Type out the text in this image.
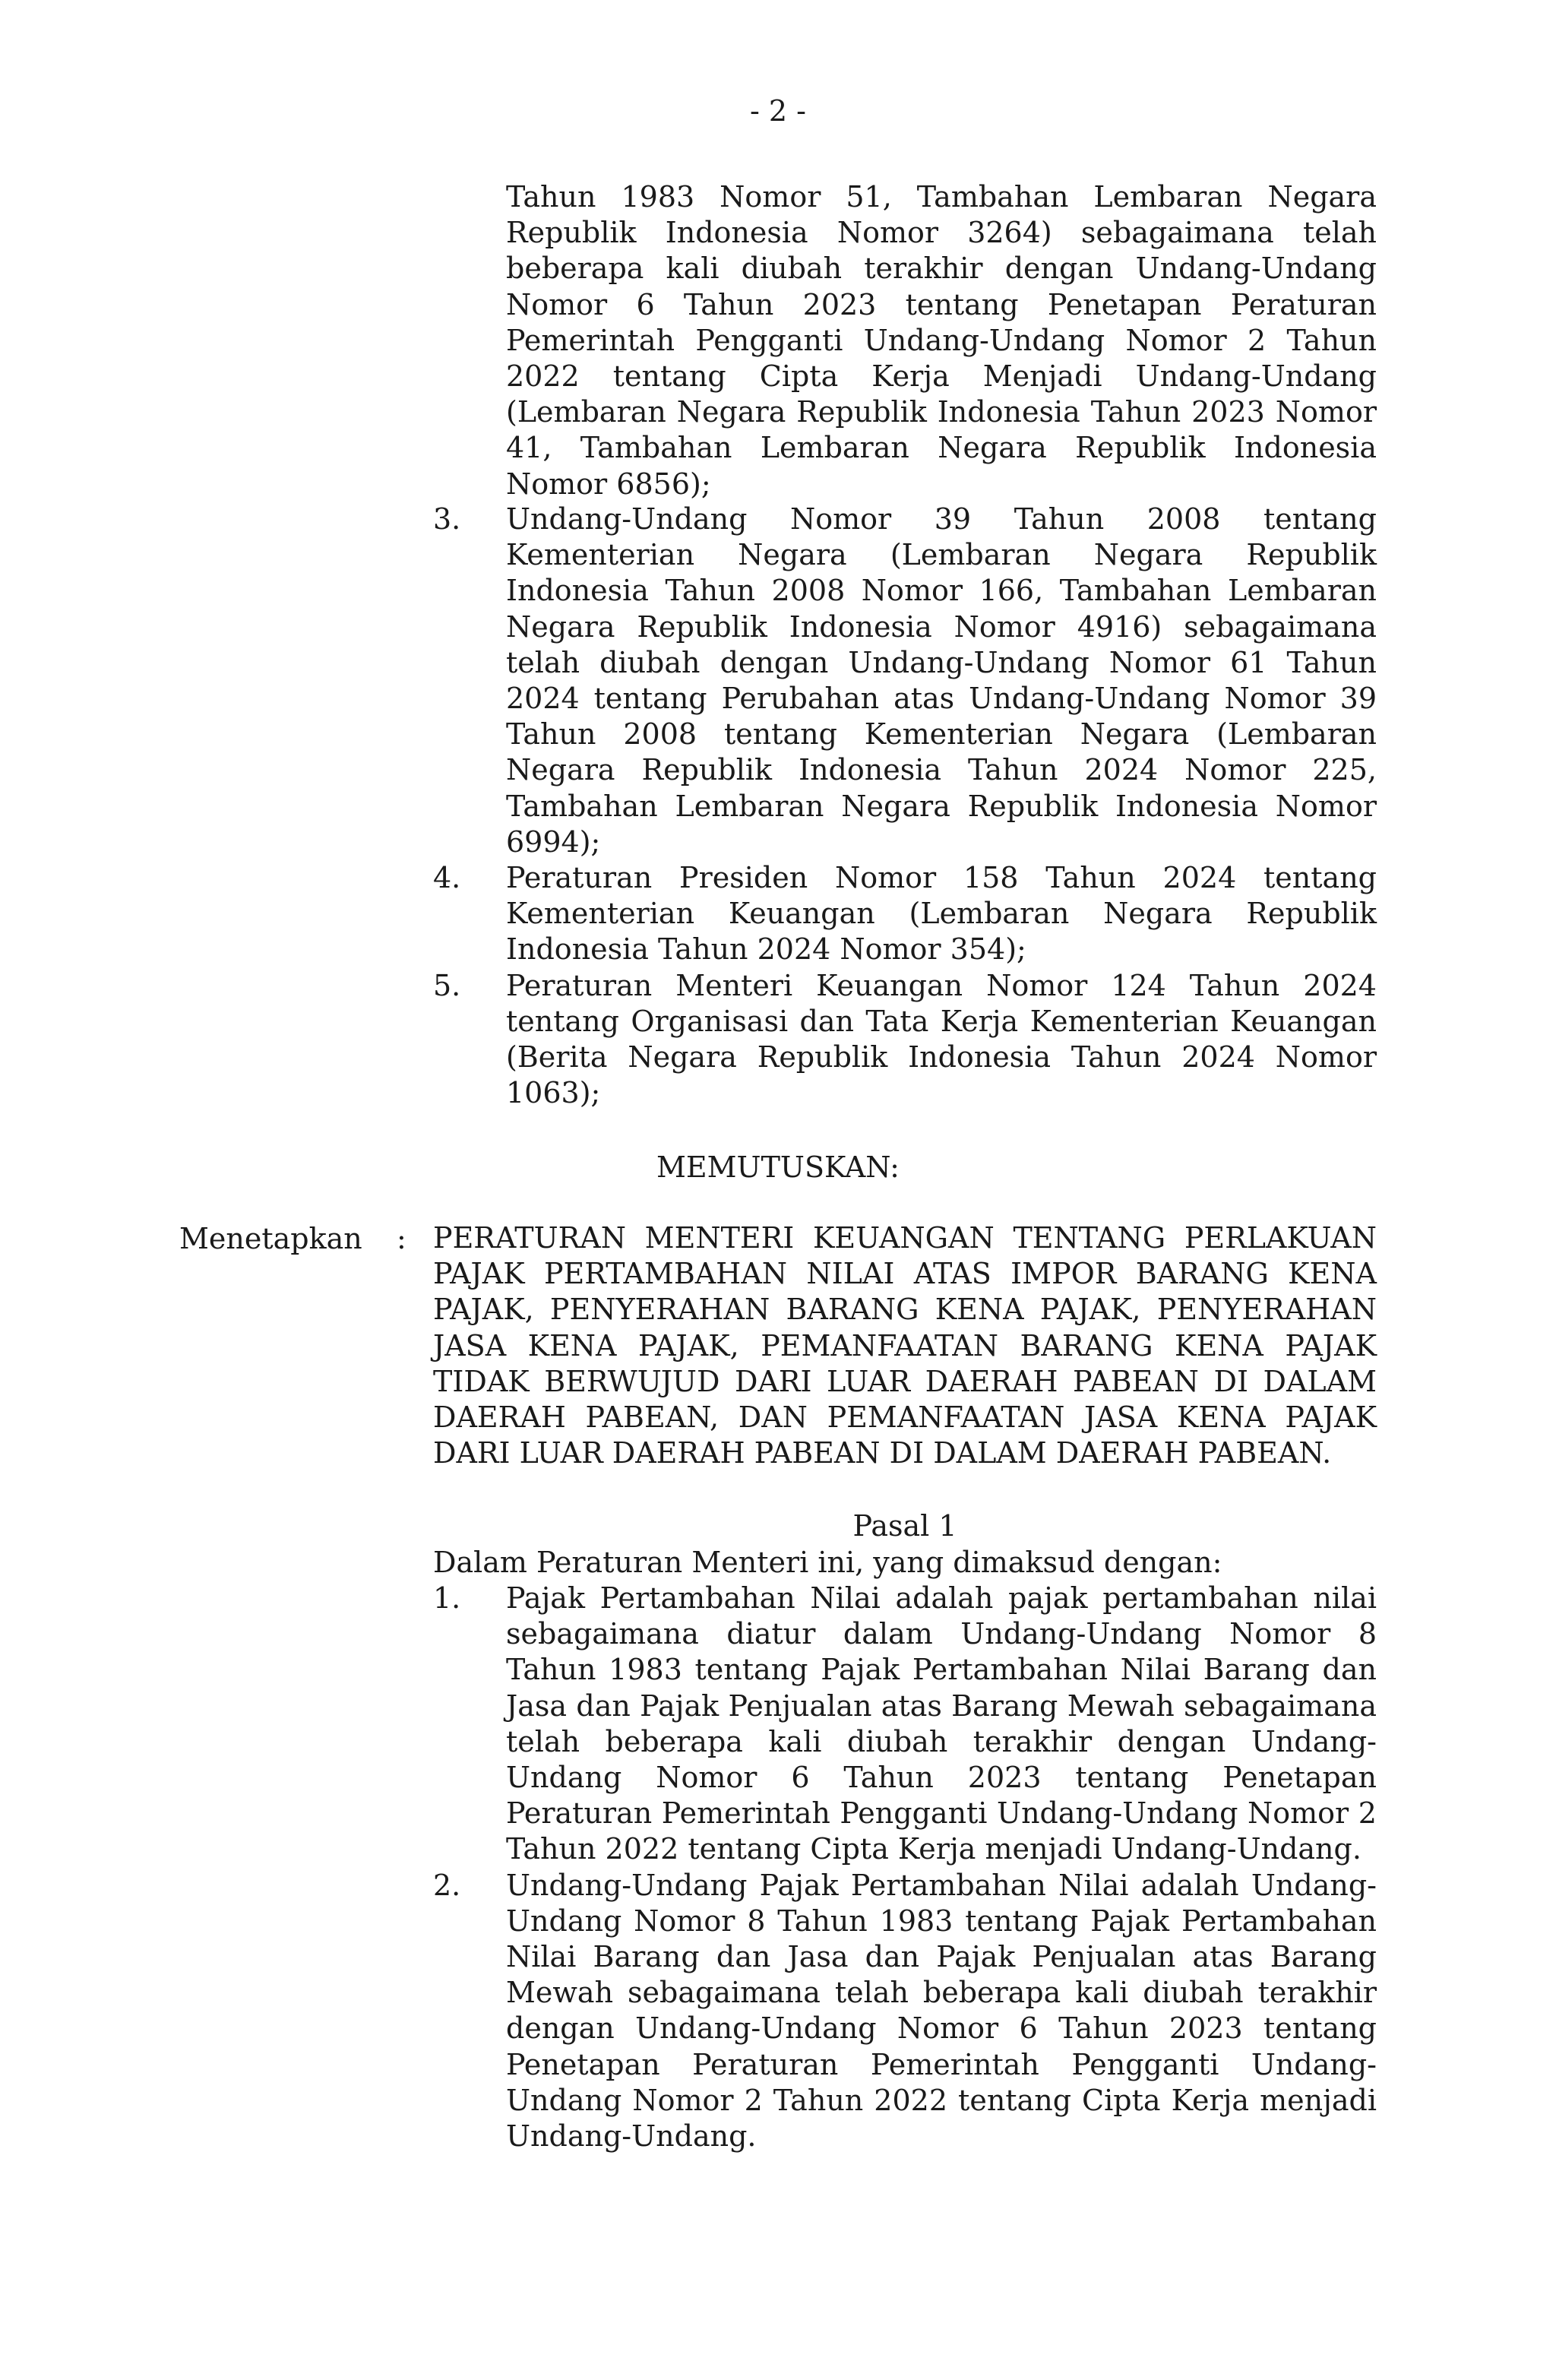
- 2 -
Tahun 1983 Nomor 51, Tambahan Lembaran Negara Republik Indonesia Nomor 3264) sebagaimana telah beberapa kali diubah terakhir dengan Undang-Undang Nomor 6 Tahun 2023 tentang Penetapan Peraturan Pemerintah Pengganti Undang-Undang Nomor 2 Tahun 2022 tentang Cipta Kerja Menjadi Undang-Undang (Lembaran Negara Republik Indonesia Tahun 2023 Nomor 41, Tambahan Lembaran Negara Republik Indonesia Nomor 6856);
3. Undang-Undang Nomor 39 Tahun 2008 tentang Kementerian Negara (Lembaran Negara Republik Indonesia Tahun 2008 Nomor 166, Tambahan Lembaran Negara Republik Indonesia Nomor 4916) sebagaimana telah diubah dengan Undang-Undang Nomor 61 Tahun 2024 tentang Perubahan atas Undang-Undang Nomor 39 Tahun 2008 tentang Kementerian Negara (Lembaran Negara Republik Indonesia Tahun 2024 Nomor 225, Tambahan Lembaran Negara Republik Indonesia Nomor 6994);
4. Peraturan Presiden Nomor 158 Tahun 2024 tentang Kementerian Keuangan (Lembaran Negara Republik Indonesia Tahun 2024 Nomor 354);
5. Peraturan Menteri Keuangan Nomor 124 Tahun 2024 tentang Organisasi dan Tata Kerja Kementerian Keuangan (Berita Negara Republik Indonesia Tahun 2024 Nomor 1063);
MEMUTUSKAN:
Menetapkan : PERATURAN MENTERI KEUANGAN TENTANG PERLAKUAN PAJAK PERTAMBAHAN NILAI ATAS IMPOR BARANG KENA PAJAK, PENYERAHAN BARANG KENA PAJAK, PENYERAHAN JASA KENA PAJAK, PEMANFAATAN BARANG KENA PAJAK TIDAK BERWUJUD DARI LUAR DAERAH PABEAN DI DALAM DAERAH PABEAN, DAN PEMANFAATAN JASA KENA PAJAK DARI LUAR DAERAH PABEAN DI DALAM DAERAH PABEAN.
Pasal 1
Dalam Peraturan Menteri ini, yang dimaksud dengan:
1. Pajak Pertambahan Nilai adalah pajak pertambahan nilai sebagaimana diatur dalam Undang-Undang Nomor 8 Tahun 1983 tentang Pajak Pertambahan Nilai Barang dan Jasa dan Pajak Penjualan atas Barang Mewah sebagaimana telah beberapa kali diubah terakhir dengan Undang-Undang Nomor 6 Tahun 2023 tentang Penetapan Peraturan Pemerintah Pengganti Undang-Undang Nomor 2 Tahun 2022 tentang Cipta Kerja menjadi Undang-Undang.
2. Undang-Undang Pajak Pertambahan Nilai adalah Undang-Undang Nomor 8 Tahun 1983 tentang Pajak Pertambahan Nilai Barang dan Jasa dan Pajak Penjualan atas Barang Mewah sebagaimana telah beberapa kali diubah terakhir dengan Undang-Undang Nomor 6 Tahun 2023 tentang Penetapan Peraturan Pemerintah Pengganti Undang-Undang Nomor 2 Tahun 2022 tentang Cipta Kerja menjadi Undang-Undang.
